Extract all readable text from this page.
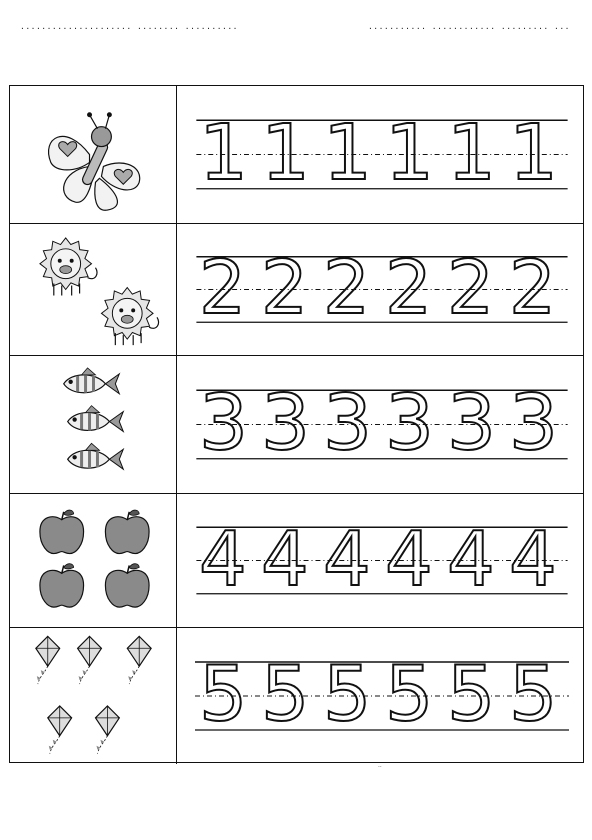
..................... ........ ..........	........... ............ ......... ...
1 1 1 1 1 1
2 2 2 2 2 2
3 3 3 3 3 3
4 4 4 4 4 4
5 5 5 5 5 5
..
